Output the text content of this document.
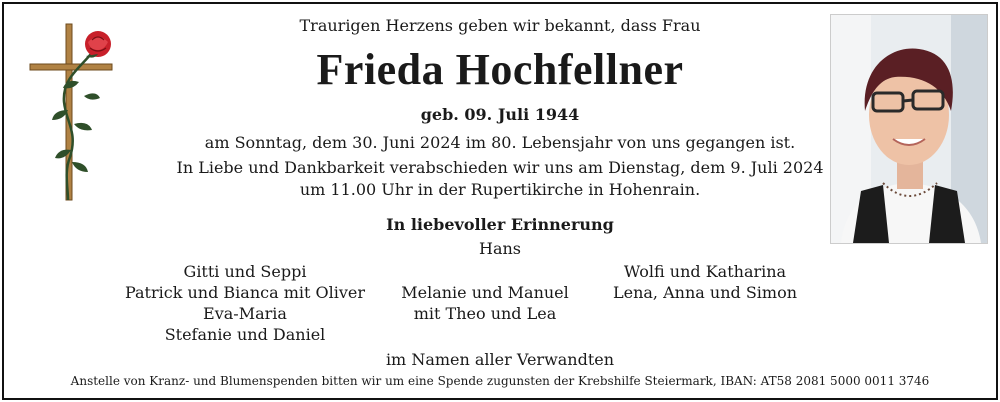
Traurigen Herzens geben wir bekannt, dass Frau
Frieda Hochfellner
geb. 09. Juli 1944
am Sonntag, dem 30. Juni 2024 im 80. Lebensjahr von uns gegangen ist.
In Liebe und Dankbarkeit verabschieden wir uns am Dienstag, dem 9. Juli 2024
um 11.00 Uhr in der Rupertikirche in Hohenrain.
In liebevoller Erinnerung
Hans
Gitti und Seppi
Patrick und Bianca mit Oliver
Eva-Maria
Stefanie und Daniel
Melanie und Manuel
mit Theo und Lea
Wolfi und Katharina
Lena, Anna und Simon
im Namen aller Verwandten
Anstelle von Kranz- und Blumenspenden bitten wir um eine Spende zugunsten der Krebshilfe Steiermark, IBAN: AT58 2081 5000 0011 3746
